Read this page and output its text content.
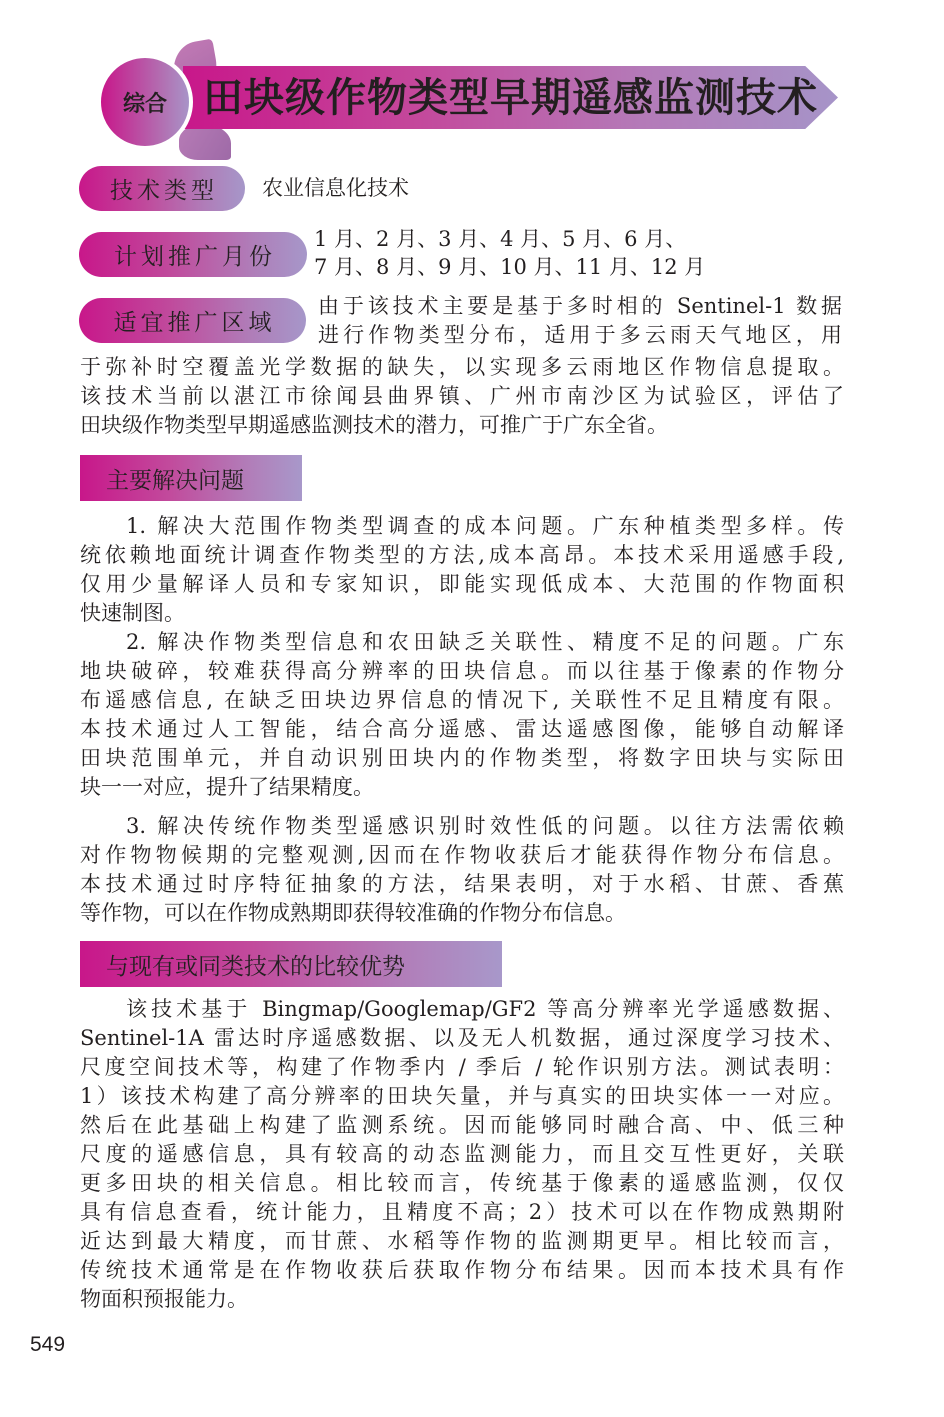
综合 田块级作物类型早期遥感监测技术
技术类型	农业信息化技术
计划推广月份
1 月、2 月、3 月、4 月、5 月、6 月、
7 月、8 月、9 月、10 月、11 月、12 月
适宜推广区域
由于该技术主要是基于多时相的 Sentinel-1 数据
进行作物类型分布，适用于多云雨天气地区，用
于弥补时空覆盖光学数据的缺失，以实现多云雨地区作物信息提取。
该技术当前以湛江市徐闻县曲界镇、广州市南沙区为试验区，评估了
田块级作物类型早期遥感监测技术的潜力，可推广于广东全省。
主要解决问题
1. 解决大范围作物类型调查的成本问题。广东种植类型多样。传
统依赖地面统计调查作物类型的方法,成本高昂。本技术采用遥感手段,
仅用少量解译人员和专家知识，即能实现低成本、大范围的作物面积
快速制图。
2. 解决作物类型信息和农田缺乏关联性、精度不足的问题。广东
地块破碎，较难获得高分辨率的田块信息。而以往基于像素的作物分
布遥感信息, 在缺乏田块边界信息的情况下, 关联性不足且精度有限。
本技术通过人工智能，结合高分遥感、雷达遥感图像，能够自动解译
田块范围单元，并自动识别田块内的作物类型，将数字田块与实际田
块一一对应，提升了结果精度。
3. 解决传统作物类型遥感识别时效性低的问题。以往方法需依赖
对作物物候期的完整观测,因而在作物收获后才能获得作物分布信息。
本技术通过时序特征抽象的方法，结果表明，对于水稻、甘蔗、香蕉
等作物，可以在作物成熟期即获得较准确的作物分布信息。
与现有或同类技术的比较优势
该技术基于 Bingmap/Googlemap/GF2 等高分辨率光学遥感数据、
Sentinel-1A 雷达时序遥感数据、以及无人机数据，通过深度学习技术、
尺度空间技术等，构建了作物季内 / 季后 / 轮作识别方法。测试表明：
1）该技术构建了高分辨率的田块矢量，并与真实的田块实体一一对应。
然后在此基础上构建了监测系统。因而能够同时融合高、中、低三种
尺度的遥感信息，具有较高的动态监测能力，而且交互性更好，关联
更多田块的相关信息。相比较而言，传统基于像素的遥感监测，仅仅
具有信息查看，统计能力，且精度不高；2）技术可以在作物成熟期附
近达到最大精度，而甘蔗、水稻等作物的监测期更早。相比较而言，
传统技术通常是在作物收获后获取作物分布结果。因而本技术具有作
物面积预报能力。
549
